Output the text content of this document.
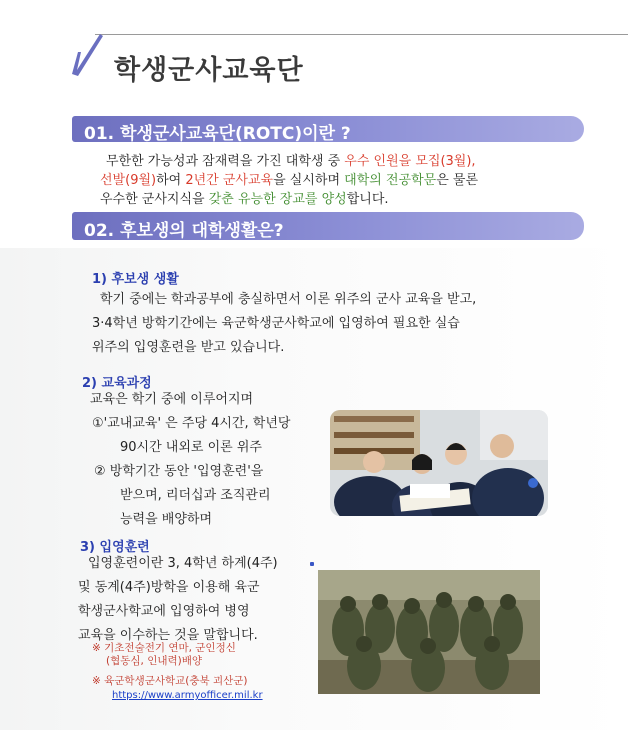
학생군사교육단
01. 학생군사교육단(ROTC)이란 ?

무한한 가능성과 잠재력을 가진 대학생 중 우수 인원을 모집(3월),

선발(9월)하여 2년간 군사교육을 실시하며 대학의 전공학문은 물론

우수한 군사지식을 갖춘 유능한 장교를 양성합니다.

02. 후보생의 대학생활은?
1) 후보생 생활

학기 중에는 학과공부에 충실하면서 이론 위주의 군사 교육을 받고,

3·4학년 방학기간에는 육군학생군사학교에 입영하여 필요한 실습

위주의 입영훈련을 받고 있습니다.

2) 교육과정

교육은 학기 중에 이루어지며

①'교내교육' 은 주당 4시간, 학년당

90시간 내외로 이론 위주

② 방학기간 동안 '입영훈련'을

받으며, 리더십과 조직관리

능력을 배양하며

3) 입영훈련

입영훈련이란 3, 4학년 하계(4주)

및 동계(4주)방학을 이용해 육군

학생군사학교에 입영하여 병영

교육을 이수하는 것을 말합니다.

※ 기초전술전기 연마, 군인정신

(협동심, 인내력)배양

※ 육군학생군사학교(충북 괴산군)
https://www.armyofficer.mil.kr
